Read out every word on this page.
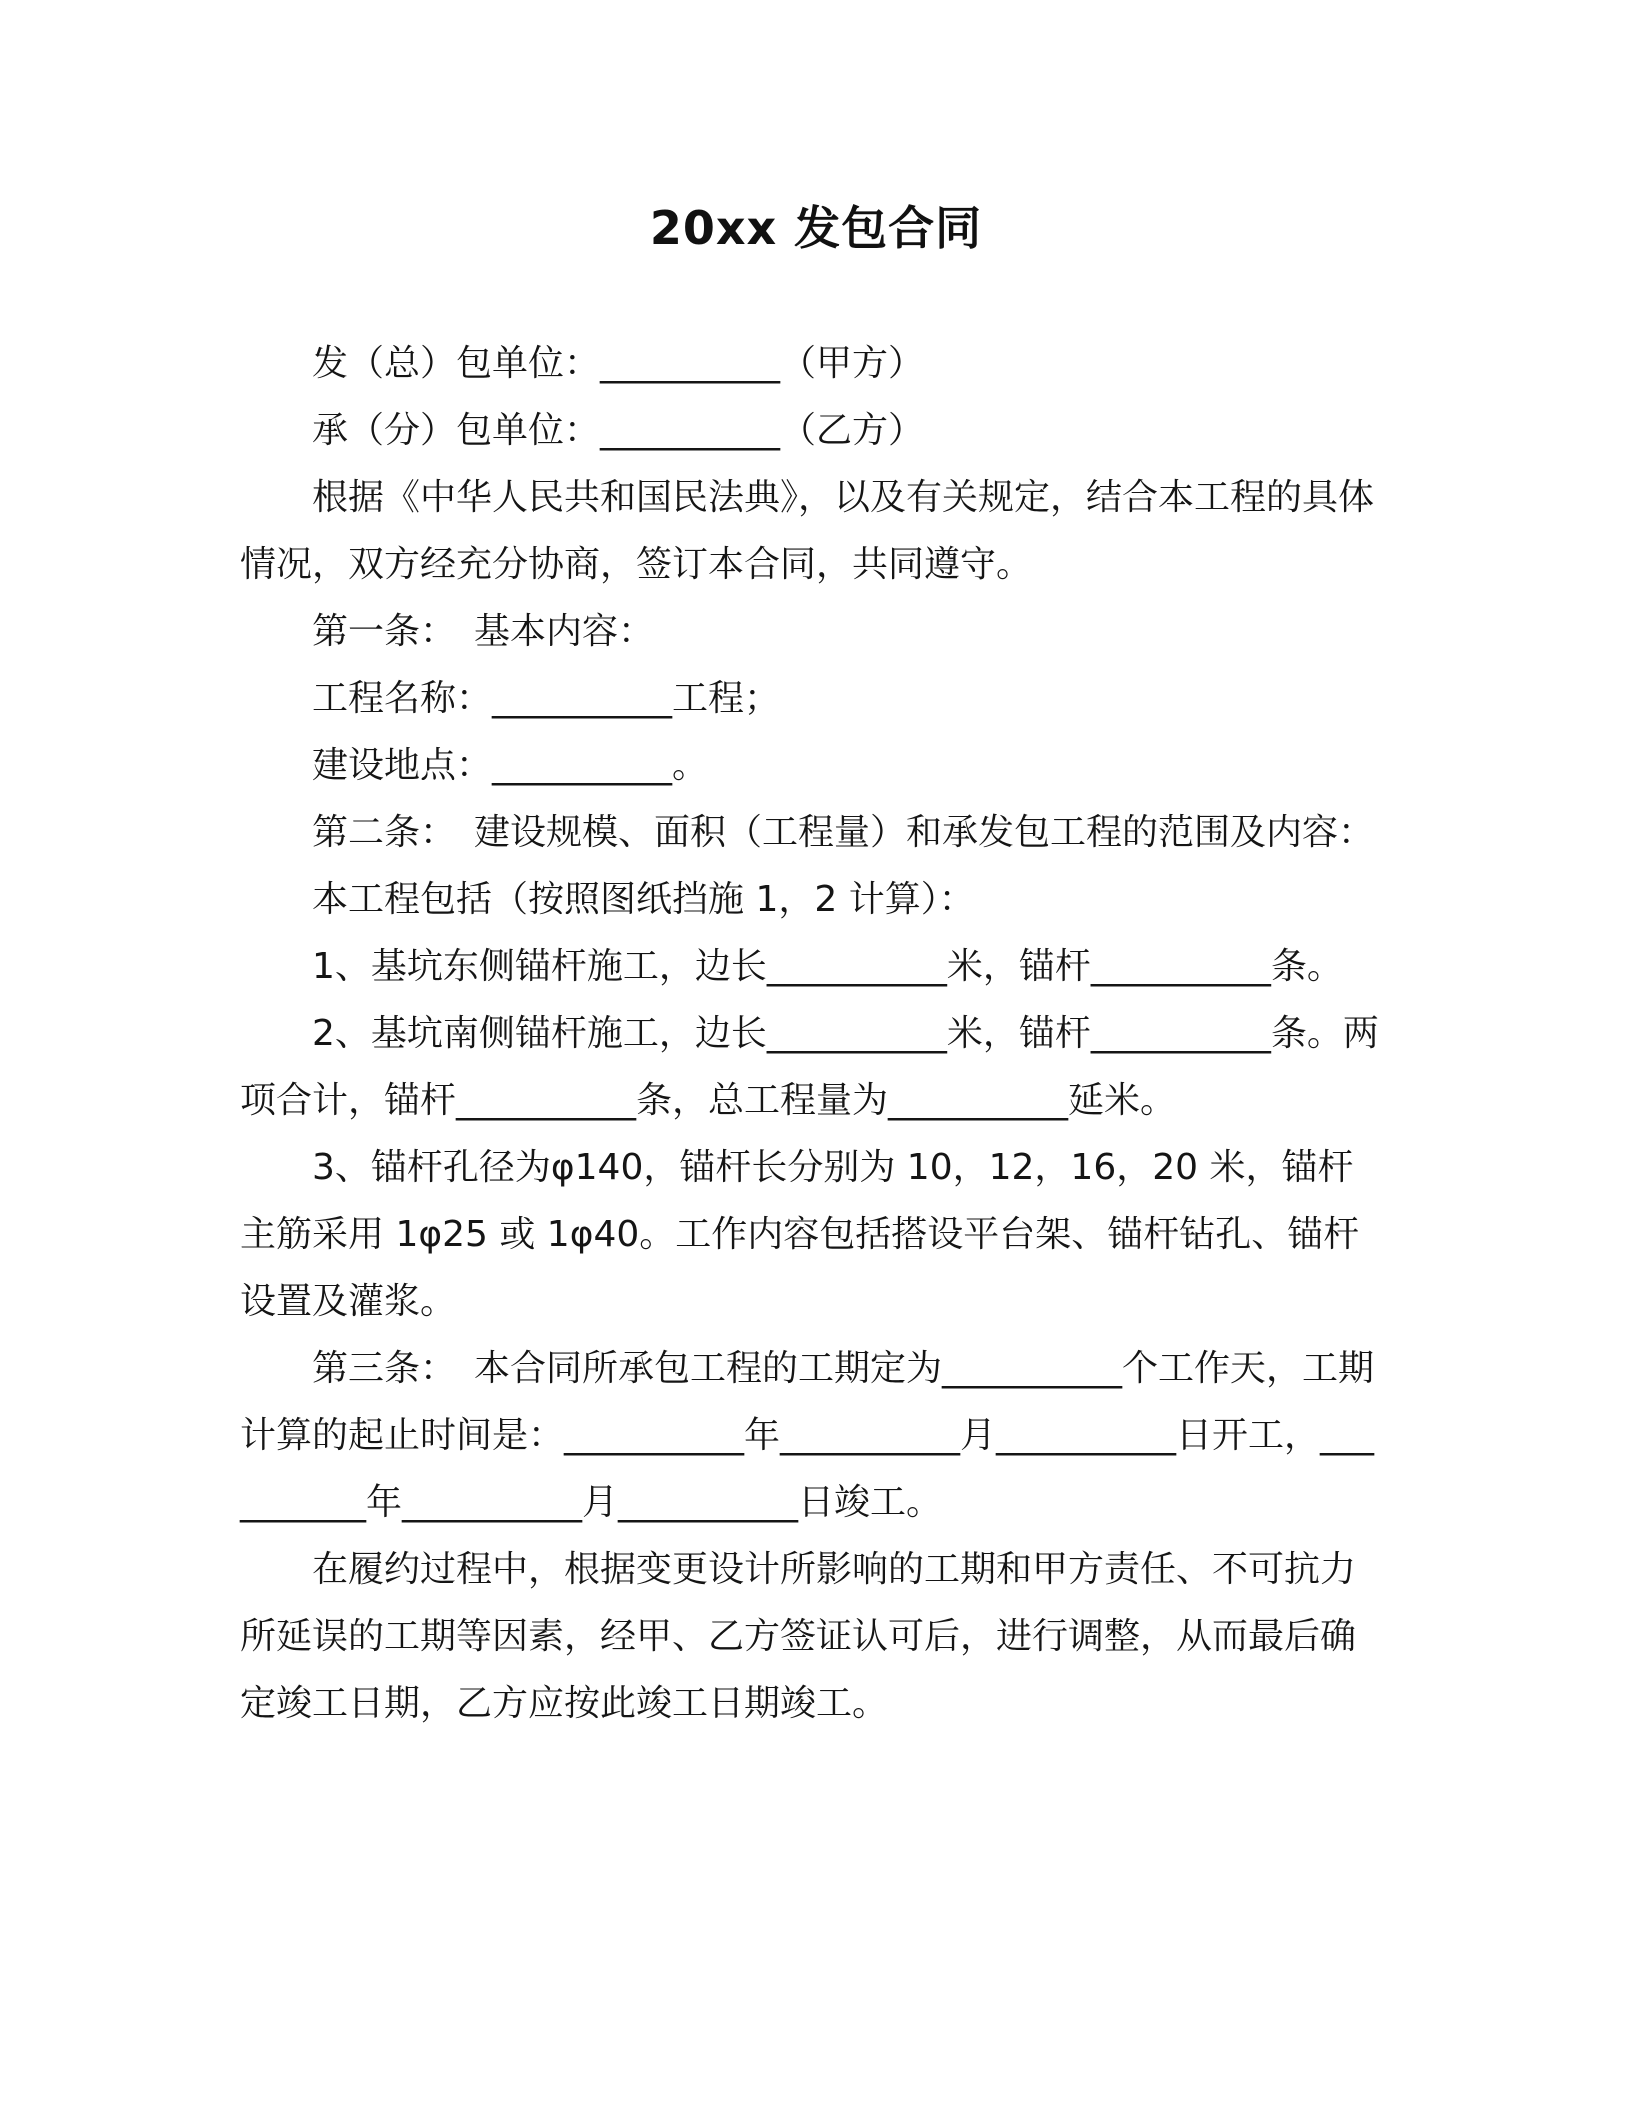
20xx 发包合同

发（总）包单位：__________（甲方）

承（分）包单位：__________（乙方）

根据《中华人民共和国民法典》，以及有关规定，结合本工程的具体情况，双方经充分协商，签订本合同，共同遵守。

第一条：　基本内容：

工程名称：__________工程；

建设地点：__________。

第二条：　建设规模、面积（工程量）和承发包工程的范围及内容：

本工程包括（按照图纸挡施 1，2 计算）：

1、基坑东侧锚杆施工，边长__________米，锚杆__________条。

2、基坑南侧锚杆施工，边长__________米，锚杆__________条。两项合计，锚杆__________条，总工程量为__________延米。

3、锚杆孔径为φ140，锚杆长分别为 10，12，16，20 米，锚杆主筋采用 1φ25 或 1φ40。工作内容包括搭设平台架、锚杆钻孔、锚杆设置及灌浆。

第三条：　本合同所承包工程的工期定为__________个工作天，工期计算的起止时间是：__________年__________月__________日开工，__________年__________月__________日竣工。

在履约过程中，根据变更设计所影响的工期和甲方责任、不可抗力所延误的工期等因素，经甲、乙方签证认可后，进行调整，从而最后确定竣工日期，乙方应按此竣工日期竣工。
